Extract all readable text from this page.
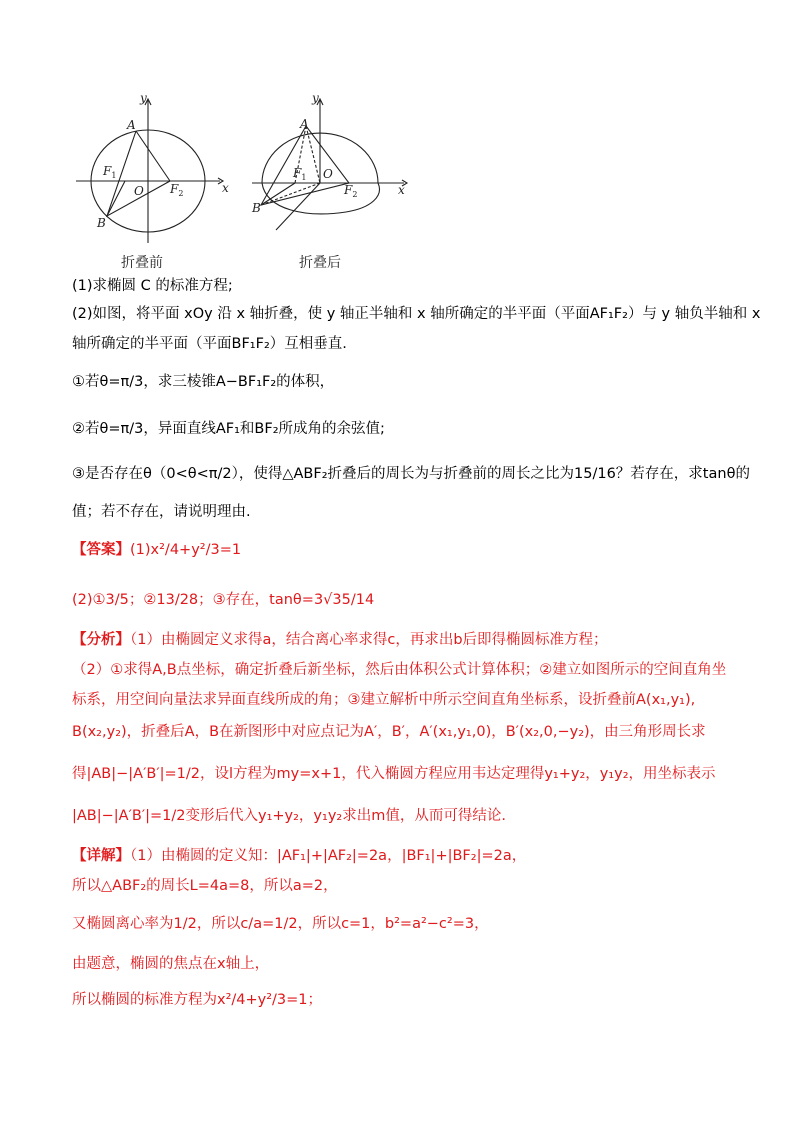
y
x
A
B
O
$F_1$
$F_2$
折叠前
y
x
A
B
O
$F_1$
$F_2$
折叠后
(1)求椭圆 C 的标准方程;
(2)如图，将平面 xOy 沿 x 轴折叠，使 y 轴正半轴和 x 轴所确定的半平面（平面AF₁F₂）与 y 轴负半轴和 x
轴所确定的半平面（平面BF₁F₂）互相垂直.
①若θ=π/3，求三棱锥A−BF₁F₂的体积，
②若θ=π/3，异面直线AF₁和BF₂所成角的余弦值;
③是否存在θ（0<θ<π/2），使得△ABF₂折叠后的周长为与折叠前的周长之比为15/16？若存在，求tanθ的
值；若不存在，请说明理由.
【答案】(1)x²/4+y²/3=1
(2)①3/5；②13/28；③存在，tanθ=3√35/14
【分析】（1）由椭圆定义求得a，结合离心率求得c，再求出b后即得椭圆标准方程；
（2）①求得A,B点坐标，确定折叠后新坐标，然后由体积公式计算体积；②建立如图所示的空间直角坐
标系，用空间向量法求异面直线所成的角；③建立解析中所示空间直角坐标系，设折叠前A(x₁,y₁),
B(x₂,y₂)，折叠后A，B在新图形中对应点记为A′，B′，A′(x₁,y₁,0)，B′(x₂,0,−y₂)，由三角形周长求
得|AB|−|A′B′|=1/2，设l方程为my=x+1，代入椭圆方程应用韦达定理得y₁+y₂，y₁y₂，用坐标表示
|AB|−|A′B′|=1/2变形后代入y₁+y₂，y₁y₂求出m值，从而可得结论.
【详解】（1）由椭圆的定义知：|AF₁|+|AF₂|=2a，|BF₁|+|BF₂|=2a，
所以△ABF₂的周长L=4a=8，所以a=2，
又椭圆离心率为1/2，所以c/a=1/2，所以c=1，b²=a²−c²=3，
由题意，椭圆的焦点在x轴上，
所以椭圆的标准方程为x²/4+y²/3=1；
